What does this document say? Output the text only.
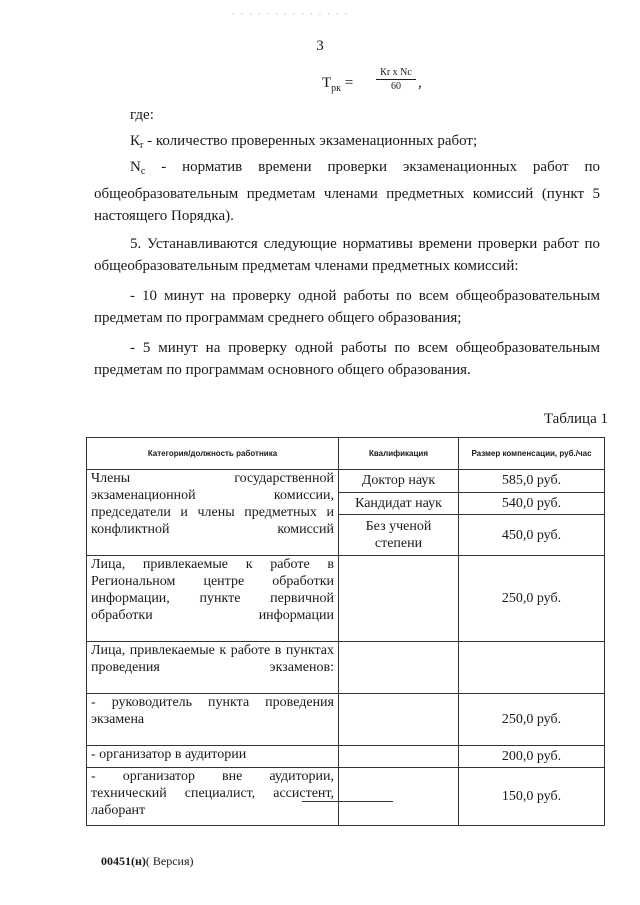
· · · · · · · · · · · · · ·
3
$Т_{рк}$ =
Кr x Nc
60	,
где:
$К_r$ - количество проверенных экзаменационных работ;
$N_c$ - норматив времени проверки экзаменационных работ по общеобразовательным предметам членами предметных комиссий (пункт 5 настоящего Порядка).
5. Устанавливаются следующие нормативы времени проверки работ по общеобразовательным предметам членами предметных комиссий:
- 10 минут на проверку одной работы по всем общеобразовательным предметам по программам среднего общего образования;
- 5 минут на проверку одной работы по всем общеобразовательным предметам по программам основного общего образования.
Таблица 1
Категория/должность работника	Квалификация	Размер компенсации, руб./час
Члены государственной экзаменационной комиссии, председатели и члены предметных и конфликтной комиссий	Доктор наук	585,0 руб.
	Кандидат наук	540,0 руб.
	Без ученой степени	450,0 руб.
Лица, привлекаемые к работе в Региональном центре обработки информации, пункте первичной обработки информации		250,0 руб.
Лица, привлекаемые к работе в пунктах проведения экзаменов:		
- руководитель пункта проведения экзамена		250,0 руб.
- организатор в аудитории		200,0 руб.
- организатор вне аудитории, технический специалист, ассистент, лаборант		150,0 руб.
00451(н)( Версия)
